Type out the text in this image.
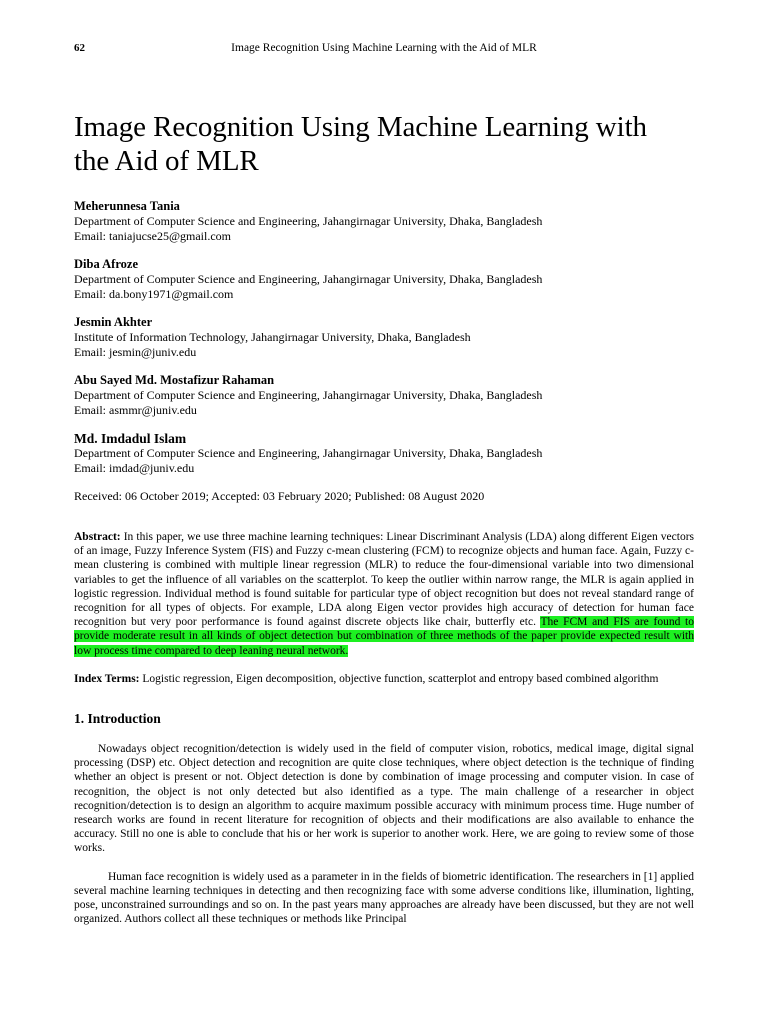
62	Image Recognition Using Machine Learning with the Aid of MLR
Image Recognition Using Machine Learning with
the Aid of MLR
Meherunnesa Tania
Department of Computer Science and Engineering, Jahangirnagar University, Dhaka, Bangladesh
Email: taniajucse25@gmail.com
Diba Afroze
Department of Computer Science and Engineering, Jahangirnagar University, Dhaka, Bangladesh
Email: da.bony1971@gmail.com
Jesmin Akhter
Institute of Information Technology, Jahangirnagar University, Dhaka, Bangladesh
Email: jesmin@juniv.edu
Abu Sayed Md. Mostafizur Rahaman
Department of Computer Science and Engineering, Jahangirnagar University, Dhaka, Bangladesh
Email: asmmr@juniv.edu
Md. Imdadul Islam
Department of Computer Science and Engineering, Jahangirnagar University, Dhaka, Bangladesh
Email: imdad@juniv.edu
Received: 06 October 2019; Accepted: 03 February 2020; Published: 08 August 2020
Abstract: In this paper, we use three machine learning techniques: Linear Discriminant Analysis (LDA) along different Eigen vectors of an image, Fuzzy Inference System (FIS) and Fuzzy c-mean clustering (FCM) to recognize objects and human face. Again, Fuzzy c-mean clustering is combined with multiple linear regression (MLR) to reduce the four-dimensional variable into two dimensional variables to get the influence of all variables on the scatterplot. To keep the outlier within narrow range, the MLR is again applied in logistic regression. Individual method is found suitable for particular type of object recognition but does not reveal standard range of recognition for all types of objects. For example, LDA along Eigen vector provides high accuracy of detection for human face recognition but very poor performance is found against discrete objects like chair, butterfly etc. The FCM and FIS are found to provide moderate result in all kinds of object detection but combination of three methods of the paper provide expected result with low process time compared to deep leaning neural network.
Index Terms: Logistic regression, Eigen decomposition, objective function, scatterplot and entropy based combined algorithm
1. Introduction
Nowadays object recognition/detection is widely used in the field of computer vision, robotics, medical image, digital signal processing (DSP) etc. Object detection and recognition are quite close techniques, where object detection is the technique of finding whether an object is present or not. Object detection is done by combination of image processing and computer vision. In case of recognition, the object is not only detected but also identified as a type. The main challenge of a researcher in object recognition/detection is to design an algorithm to acquire maximum possible accuracy with minimum process time. Huge number of research works are found in recent literature for recognition of objects and their modifications are also available to enhance the accuracy. Still no one is able to conclude that his or her work is superior to another work. Here, we are going to review some of those works.
Human face recognition is widely used as a parameter in in the fields of biometric identification. The researchers in [1] applied several machine learning techniques in detecting and then recognizing face with some adverse conditions like, illumination, lighting, pose, unconstrained surroundings and so on. In the past years many approaches are already have been discussed, but they are not well organized. Authors collect all these techniques or methods like Principal
